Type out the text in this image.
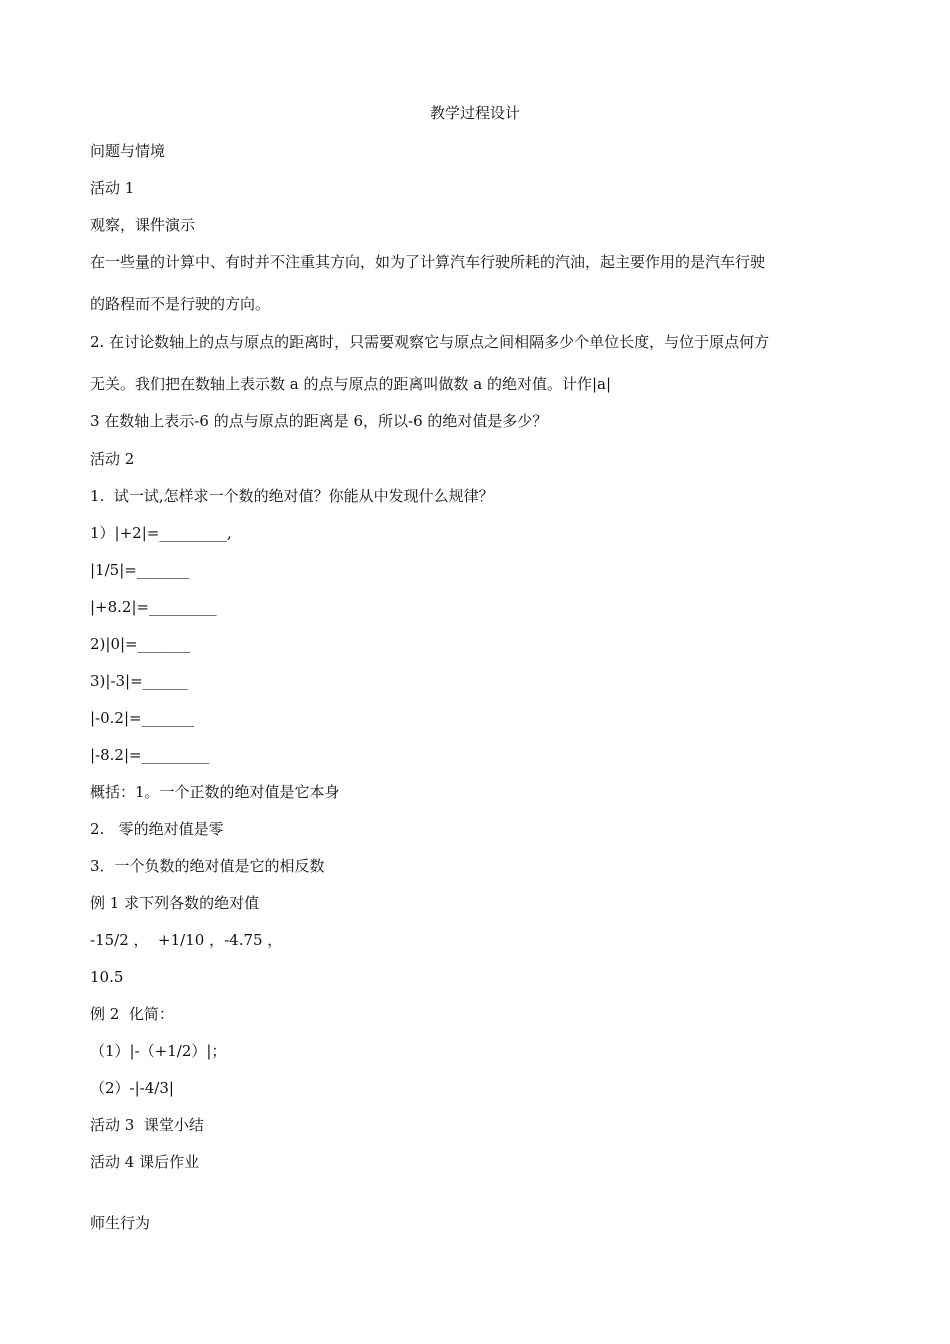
教学过程设计
问题与情境
活动 1
观察，课件演示
在一些量的计算中、有时并不注重其方向，如为了计算汽车行驶所耗的汽油，起主要作用的是汽车行驶
的路程而不是行驶的方向。
2. 在讨论数轴上的点与原点的距离时，只需要观察它与原点之间相隔多少个单位长度，与位于原点何方
无关。我们把在数轴上表示数 a 的点与原点的距离叫做数 a 的绝对值。计作|a|
3 在数轴上表示-6 的点与原点的距离是 6，所以-6 的绝对值是多少？
活动 2
1.  试一试,怎样求一个数的绝对值？你能从中发现什么规律？
1）|+2|=_________,
|1/5|=_______
|+8.2|=_________
2)|0|=_______
3)|-3|=______
|-0.2|=_______
|-8.2|=_________
概括：1。一个正数的绝对值是它本身
2.   零的绝对值是零
3．一个负数的绝对值是它的相反数
例 1 求下列各数的绝对值
-15/2 ，  +1/10 ，-4.75 ，
10.5
例 2  化简：
（1）|-（+1/2）|；
（2）-|-4/3|
活动 3  课堂小结
活动 4 课后作业
师生行为
